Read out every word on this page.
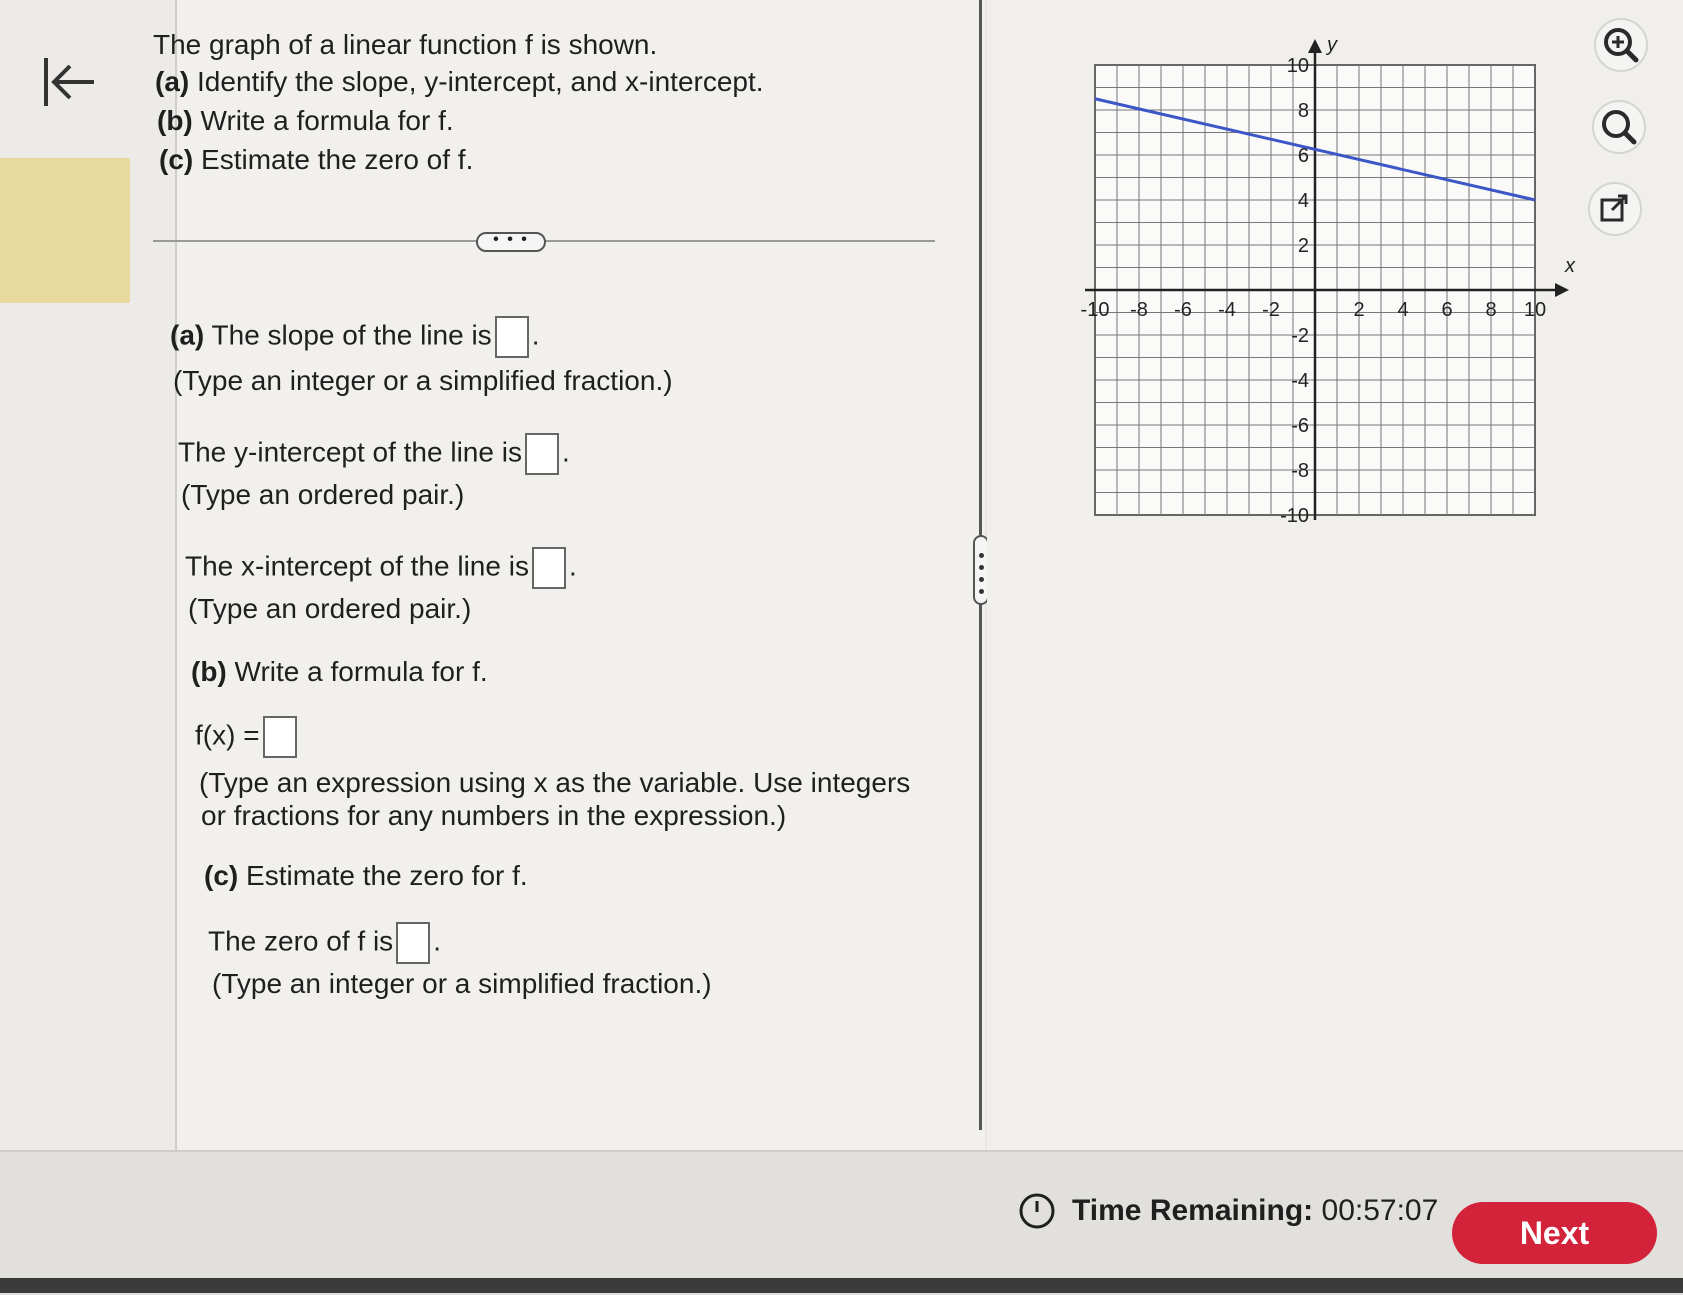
The graph of a linear function f is shown.
(a) Identify the slope, y-intercept, and x-intercept.
(b) Write a formula for f.
(c) Estimate the zero of f.
• • •
(a) The slope of the line is .
(Type an integer or a simplified fraction.)
The y-intercept of the line is .
(Type an ordered pair.)
The x-intercept of the line is .
(Type an ordered pair.)
(b) Write a formula for f.
f(x) =
(Type an expression using x as the variable. Use integers
or fractions for any numbers in the expression.)
(c) Estimate the zero for f.
The zero of f is .
(Type an integer or a simplified fraction.)
x
y
-10 -8 -6 -4 -2	2 4 6 8 10
10
8
6
4
2
-2
-4
-6
-8
-10
Time Remaining: 00:57:07
Next
